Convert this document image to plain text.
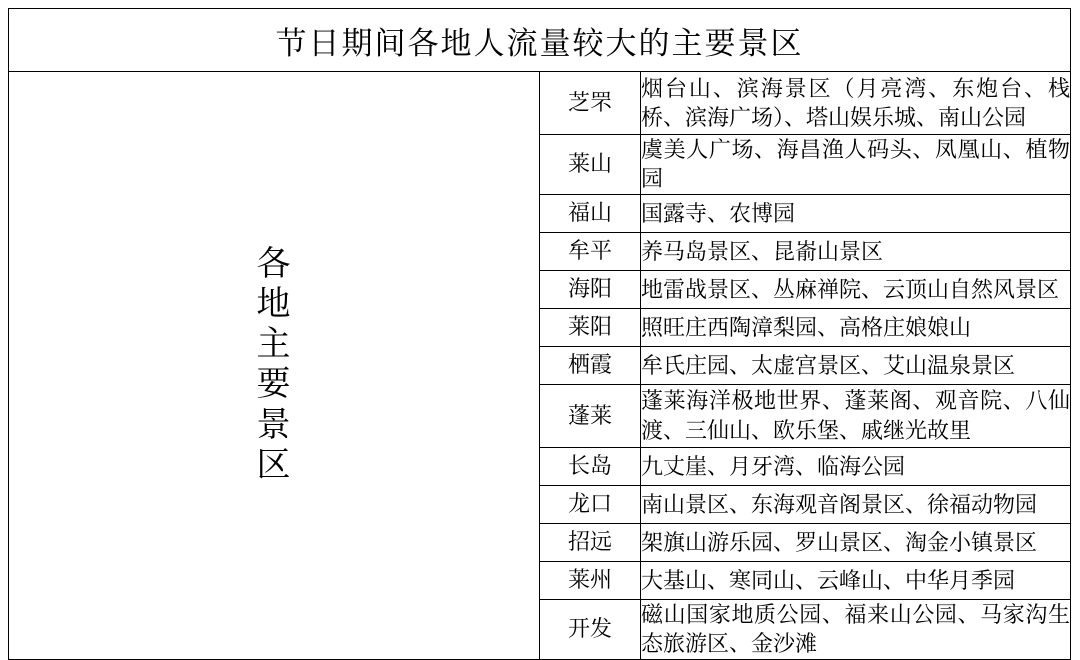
节日期间各地人流量较大的主要景区

各
地
主
要
景
区

芝罘	烟台山、滨海景区（月亮湾、东炮台、栈桥、滨海广场）、塔山娱乐城、南山公园
莱山	虞美人广场、海昌渔人码头、凤凰山、植物园
福山	国露寺、农博园
牟平	养马岛景区、昆嵛山景区
海阳	地雷战景区、丛麻禅院、云顶山自然风景区
莱阳	照旺庄西陶漳梨园、高格庄娘娘山
栖霞	牟氏庄园、太虚宫景区、艾山温泉景区
蓬莱	蓬莱海洋极地世界、蓬莱阁、观音院、八仙渡、三仙山、欧乐堡、戚继光故里
长岛	九丈崖、月牙湾、临海公园
龙口	南山景区、东海观音阁景区、徐福动物园
招远	架旗山游乐园、罗山景区、淘金小镇景区
莱州	大基山、寒同山、云峰山、中华月季园
开发	磁山国家地质公园、福来山公园、马家沟生态旅游区、金沙滩
